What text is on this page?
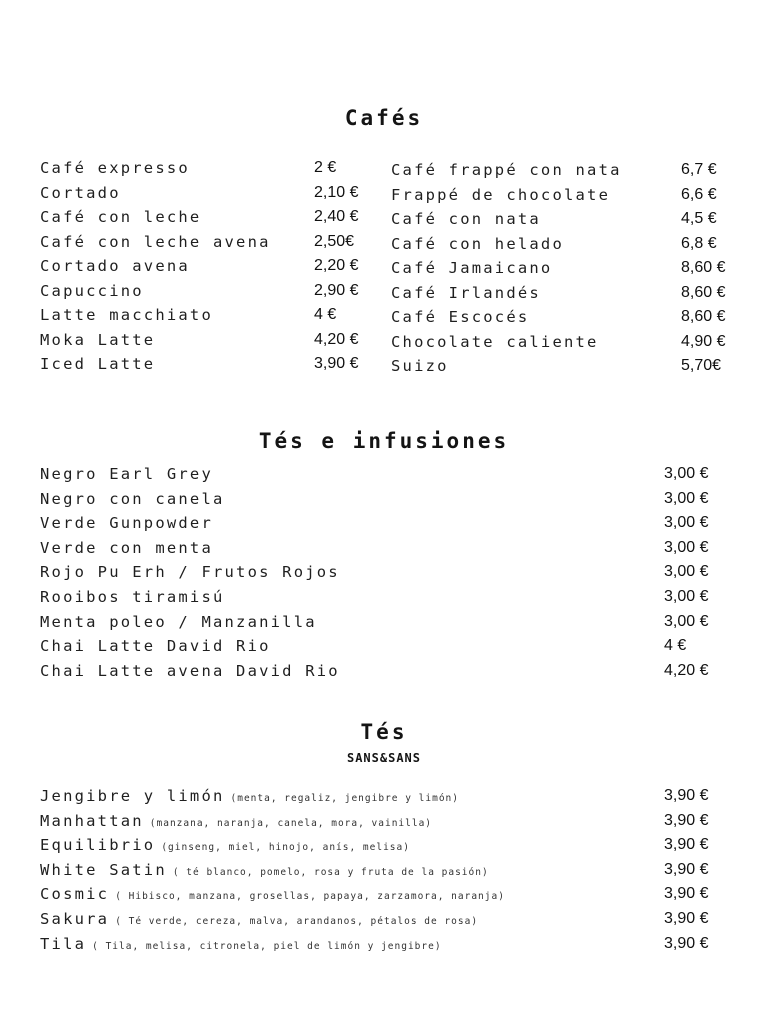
Cafés
Café expresso	2 €
Cortado	2,10 €
Café con leche	2,40 €
Café con leche avena	2,50€
Cortado avena	2,20 €
Capuccino	2,90 €
Latte macchiato	4 €
Moka Latte	4,20 €
Iced Latte	3,90 €
Café frappé con nata	6,7 €
Frappé de chocolate	6,6 €
Café con nata	4,5 €
Café con helado	6,8 €
Café Jamaicano	8,60 €
Café Irlandés	8,60 €
Café Escocés	8,60 €
Chocolate caliente	4,90 €
Suizo	5,70€
Tés e infusiones
Negro Earl Grey	3,00 €
Negro con canela	3,00 €
Verde Gunpowder	3,00 €
Verde con menta	3,00 €
Rojo Pu Erh / Frutos Rojos	3,00 €
Rooibos tiramisú	3,00 €
Menta poleo / Manzanilla	3,00 €
Chai Latte David Rio	4 €
Chai Latte avena David Rio	4,20 €
Tés
SANS&SANS
Jengibre y limón (menta, regaliz, jengibre y limón)	3,90 €
Manhattan (manzana, naranja, canela, mora, vainilla)	3,90 €
Equilibrio (ginseng, miel, hinojo, anís, melisa)	3,90 €
White Satin ( té blanco, pomelo, rosa y fruta de la pasión)	3,90 €
Cosmic ( Hibisco, manzana, grosellas, papaya, zarzamora, naranja)	3,90 €
Sakura ( Té verde, cereza, malva, arandanos, pétalos de rosa)	3,90 €
Tila ( Tila, melisa, citronela, piel de limón y jengibre)	3,90 €
